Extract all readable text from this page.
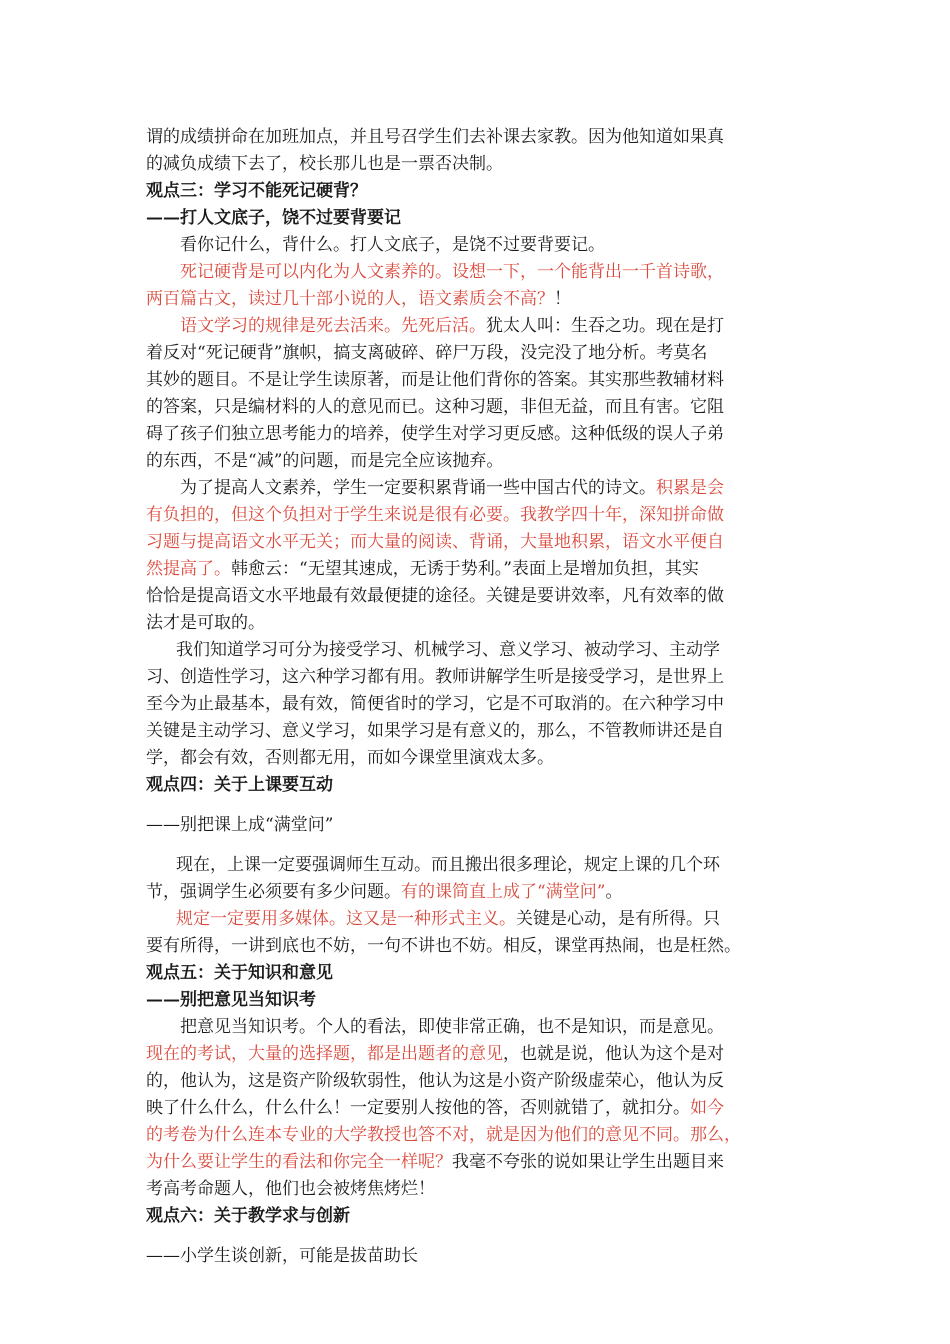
谓的成绩拼命在加班加点，并且号召学生们去补课去家教。因为他知道如果真
的减负成绩下去了，校长那儿也是一票否决制。
观点三：学习不能死记硬背？
——打人文底子，饶不过要背要记
看你记什么，背什么。打人文底子，是饶不过要背要记。
死记硬背是可以内化为人文素养的。设想一下，一个能背出一千首诗歌，
两百篇古文，读过几十部小说的人，语文素质会不高？！
语文学习的规律是死去活来。先死后活。犹太人叫：生吞之功。现在是打
着反对“死记硬背”旗帜，搞支离破碎、碎尸万段，没完没了地分析。考莫名
其妙的题目。不是让学生读原著，而是让他们背你的答案。其实那些教辅材料
的答案，只是编材料的人的意见而已。这种习题，非但无益，而且有害。它阻
碍了孩子们独立思考能力的培养，使学生对学习更反感。这种低级的误人子弟
的东西，不是“减”的问题，而是完全应该抛弃。
为了提高人文素养，学生一定要积累背诵一些中国古代的诗文。积累是会
有负担的，但这个负担对于学生来说是很有必要。我教学四十年，深知拼命做
习题与提高语文水平无关；而大量的阅读、背诵，大量地积累，语文水平便自
然提高了。韩愈云：“无望其速成，无诱于势利。”表面上是增加负担，其实
恰恰是提高语文水平地最有效最便捷的途径。关键是要讲效率，凡有效率的做
法才是可取的。
我们知道学习可分为接受学习、机械学习、意义学习、被动学习、主动学
习、创造性学习，这六种学习都有用。教师讲解学生听是接受学习，是世界上
至今为止最基本，最有效，简便省时的学习，它是不可取消的。在六种学习中
关键是主动学习、意义学习，如果学习是有意义的，那么，不管教师讲还是自
学，都会有效，否则都无用，而如今课堂里演戏太多。
观点四：关于上课要互动
——别把课上成“满堂问”
现在，上课一定要强调师生互动。而且搬出很多理论，规定上课的几个环
节，强调学生必须要有多少问题。有的课简直上成了“满堂问”。
规定一定要用多媒体。这又是一种形式主义。关键是心动，是有所得。只
要有所得，一讲到底也不妨，一句不讲也不妨。相反，课堂再热闹，也是枉然。
观点五：关于知识和意见
——别把意见当知识考
把意见当知识考。个人的看法，即使非常正确，也不是知识，而是意见。
现在的考试，大量的选择题，都是出题者的意见，也就是说，他认为这个是对
的，他认为，这是资产阶级软弱性，他认为这是小资产阶级虚荣心，他认为反
映了什么什么，什么什么！一定要别人按他的答，否则就错了，就扣分。如今
的考卷为什么连本专业的大学教授也答不对，就是因为他们的意见不同。那么，
为什么要让学生的看法和你完全一样呢？我毫不夸张的说如果让学生出题目来
考高考命题人，他们也会被烤焦烤烂！
观点六：关于教学求与创新
——小学生谈创新，可能是拔苗助长
